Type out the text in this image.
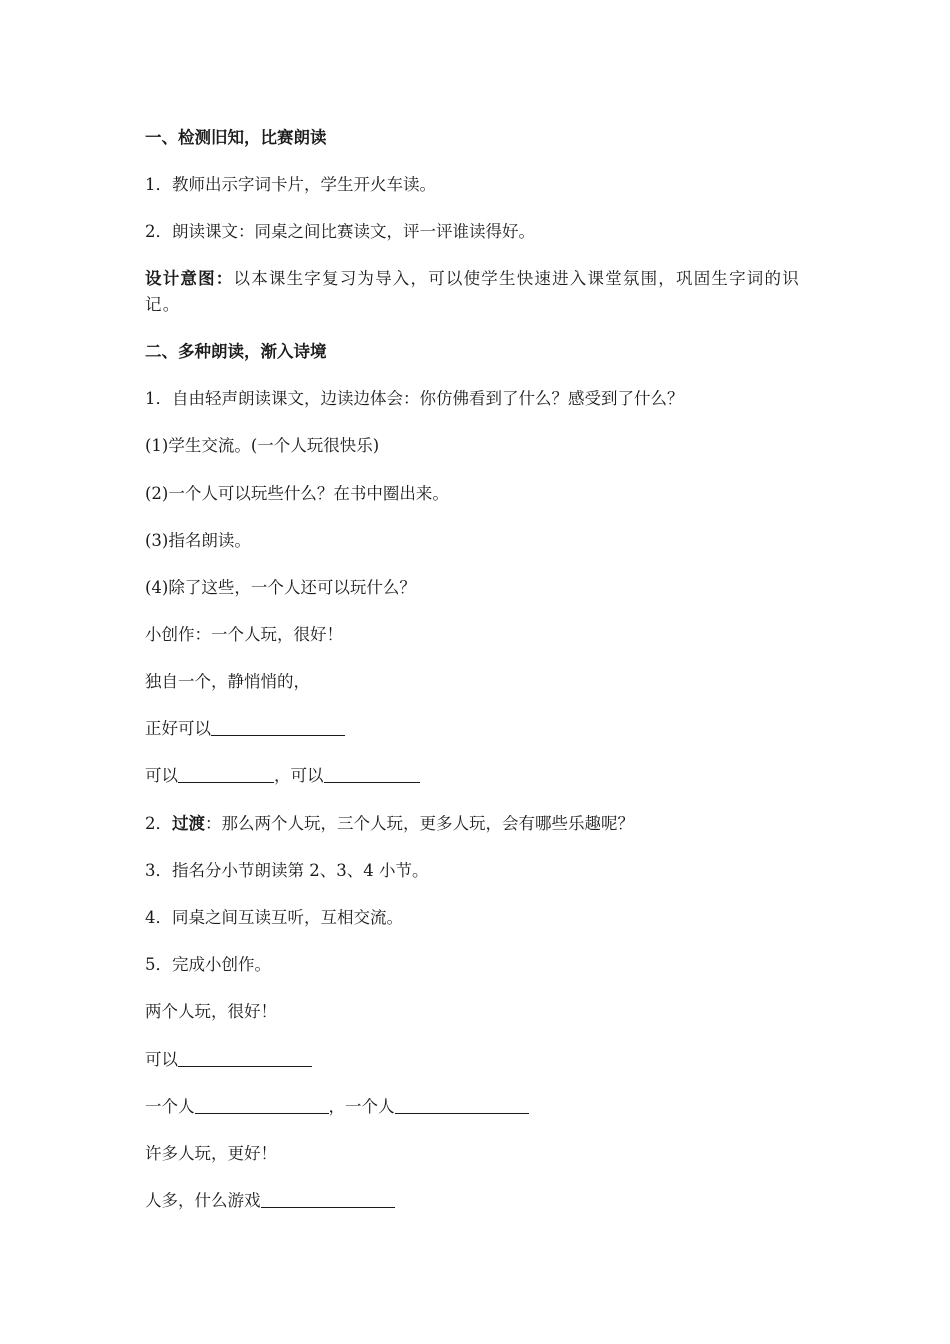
一、检测旧知，比赛朗读
1．教师出示字词卡片，学生开火车读。
2．朗读课文：同桌之间比赛读文，评一评谁读得好。
设计意图：以本课生字复习为导入，可以使学生快速进入课堂氛围，巩固生字词的识记。
二、多种朗读，渐入诗境
1．自由轻声朗读课文，边读边体会：你仿佛看到了什么？感受到了什么？
(1)学生交流。(一个人玩很快乐)
(2)一个人可以玩些什么？在书中圈出来。
(3)指名朗读。
(4)除了这些，一个人还可以玩什么？
小创作：一个人玩，很好！
独自一个，静悄悄的，
正好可以
可以	，可以
2．过渡：那么两个人玩，三个人玩，更多人玩，会有哪些乐趣呢？
3．指名分小节朗读第 2、3、4 小节。
4．同桌之间互读互听，互相交流。
5．完成小创作。
两个人玩，很好！
可以
一个人	，一个人
许多人玩，更好！
人多，什么游戏
